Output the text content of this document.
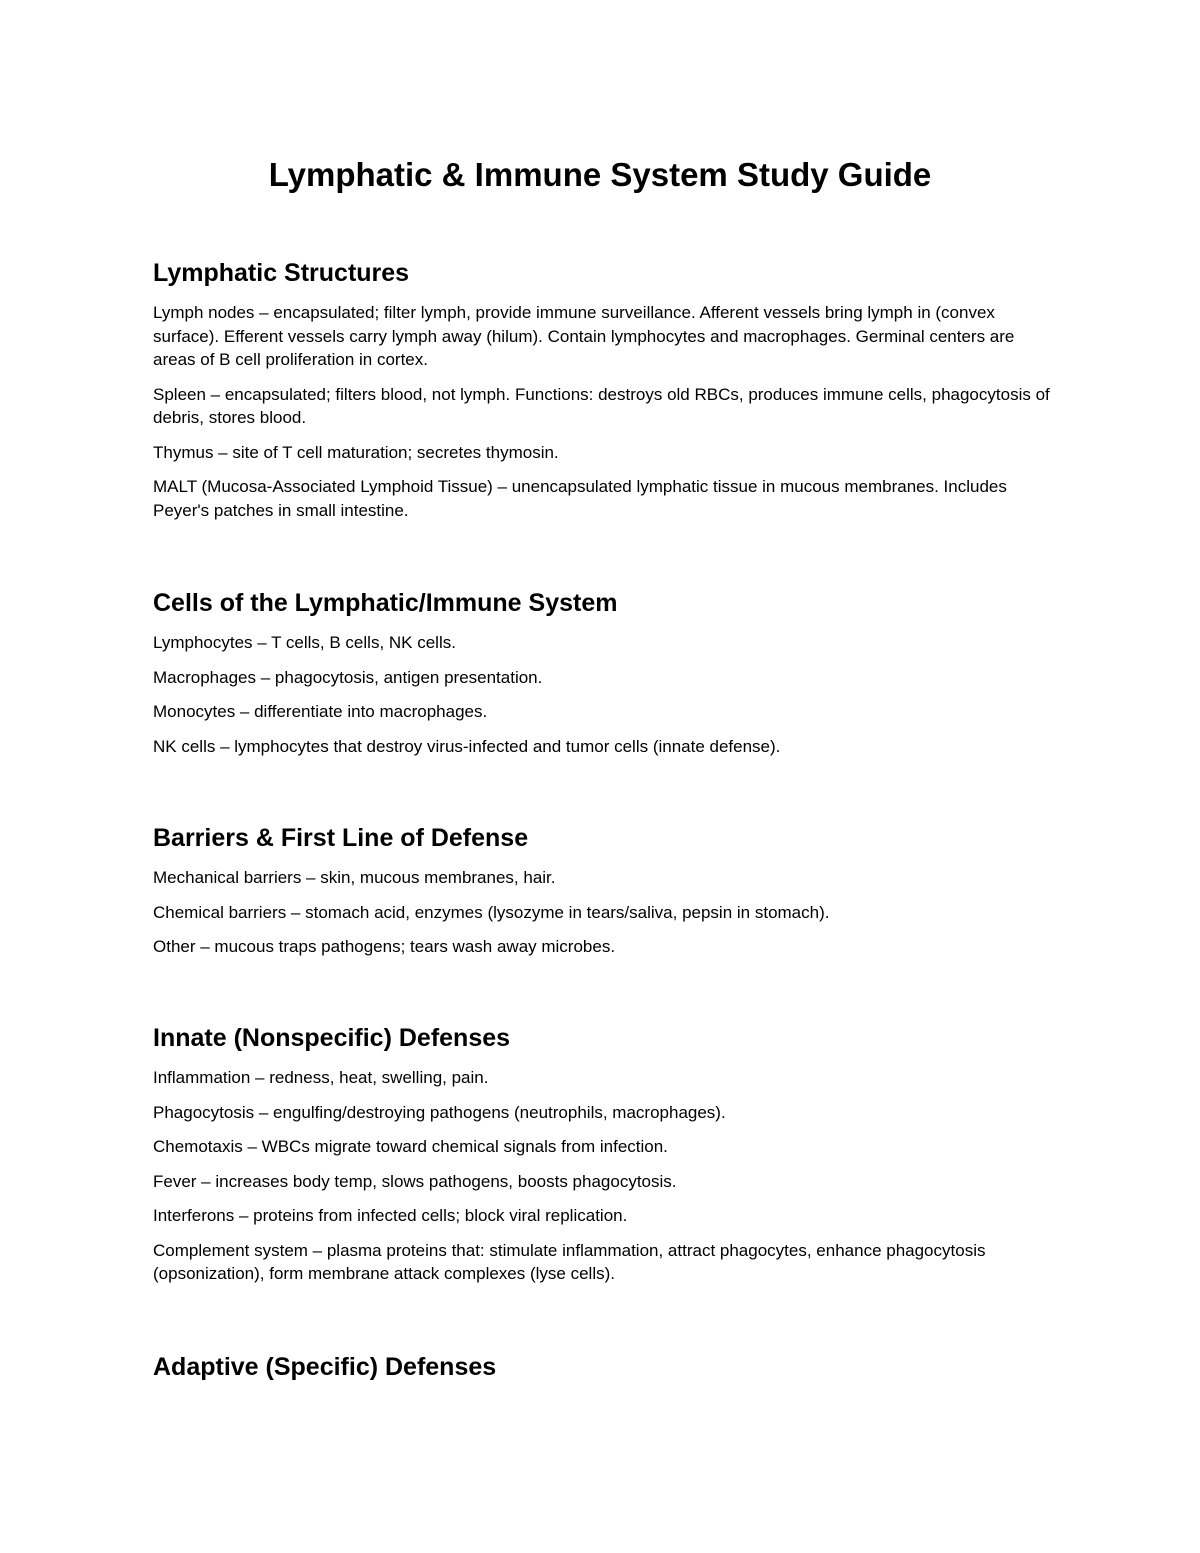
Lymphatic & Immune System Study Guide
Lymphatic Structures

Lymph nodes – encapsulated; filter lymph, provide immune surveillance. Afferent vessels bring lymph in (convex surface). Efferent vessels carry lymph away (hilum). Contain lymphocytes and macrophages. Germinal centers are areas of B cell proliferation in cortex.

Spleen – encapsulated; filters blood, not lymph. Functions: destroys old RBCs, produces immune cells, phagocytosis of debris, stores blood.

Thymus – site of T cell maturation; secretes thymosin.

MALT (Mucosa-Associated Lymphoid Tissue) – unencapsulated lymphatic tissue in mucous membranes. Includes Peyer's patches in small intestine.

Cells of the Lymphatic/Immune System

Lymphocytes – T cells, B cells, NK cells.

Macrophages – phagocytosis, antigen presentation.

Monocytes – differentiate into macrophages.

NK cells – lymphocytes that destroy virus-infected and tumor cells (innate defense).

Barriers & First Line of Defense

Mechanical barriers – skin, mucous membranes, hair.

Chemical barriers – stomach acid, enzymes (lysozyme in tears/saliva, pepsin in stomach).

Other – mucous traps pathogens; tears wash away microbes.

Innate (Nonspecific) Defenses

Inflammation – redness, heat, swelling, pain.

Phagocytosis – engulfing/destroying pathogens (neutrophils, macrophages).

Chemotaxis – WBCs migrate toward chemical signals from infection.

Fever – increases body temp, slows pathogens, boosts phagocytosis.

Interferons – proteins from infected cells; block viral replication.

Complement system – plasma proteins that: stimulate inflammation, attract phagocytes, enhance phagocytosis (opsonization), form membrane attack complexes (lyse cells).

Adaptive (Specific) Defenses
